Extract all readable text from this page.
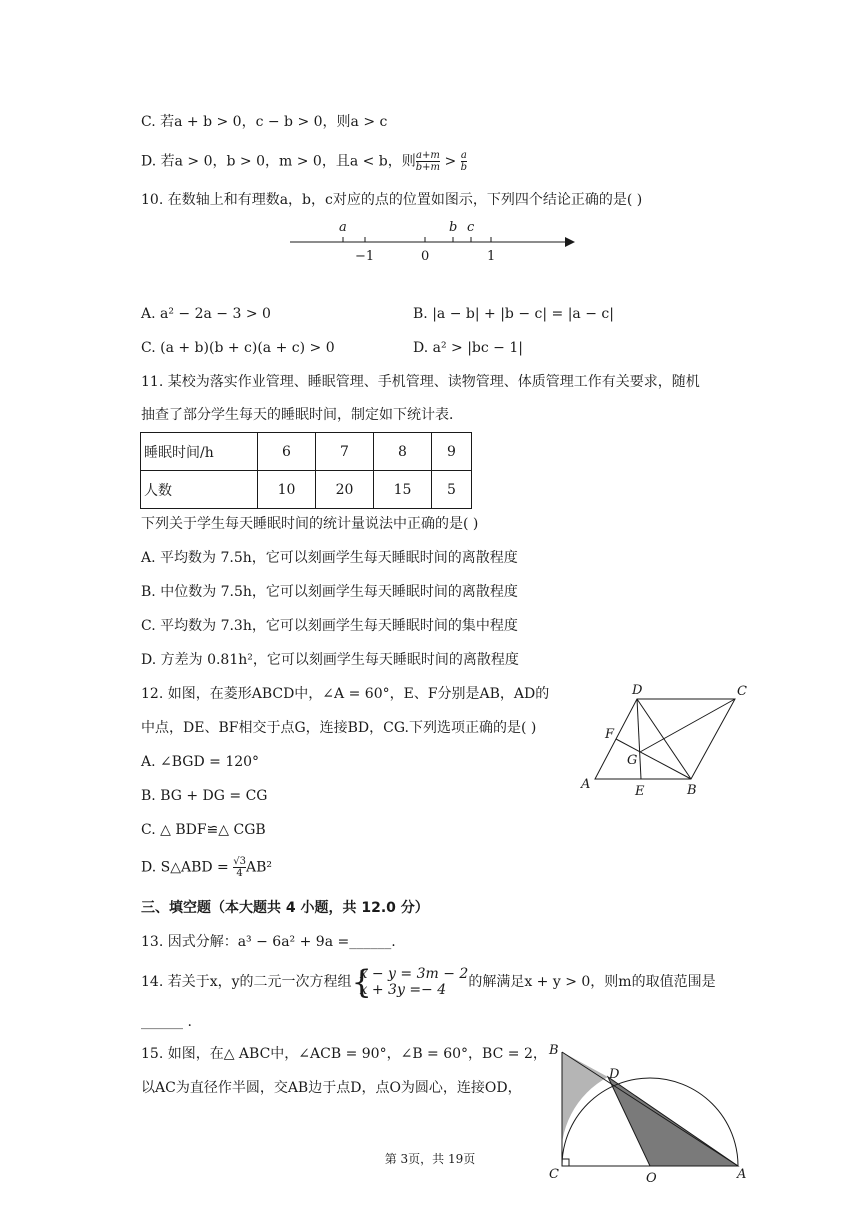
C. 若a + b > 0，c − b > 0，则a > c
D. 若a > 0，b > 0，m > 0，且a < b，则 $\frac{a+m}{b+m} > \frac{a}{b}$
10. 在数轴上和有理数a，b，c对应的点的位置如图示，下列四个结论正确的是( )
a	b c
−1	0	1
A. a² − 2a − 3 > 0	B. |a − b| + |b − c| = |a − c|
C. (a + b)(b + c)(a + c) > 0	D. a² > |bc − 1|
11. 某校为落实作业管理、睡眠管理、手机管理、读物管理、体质管理工作有关要求，随机
抽查了部分学生每天的睡眠时间，制定如下统计表．
睡眠时间/h	6	7	8	9
人数	10	20	15	5
下列关于学生每天睡眠时间的统计量说法中正确的是( )
A. 平均数为 7.5h，它可以刻画学生每天睡眠时间的离散程度
B. 中位数为 7.5h，它可以刻画学生每天睡眠时间的离散程度
C. 平均数为 7.3h，它可以刻画学生每天睡眠时间的集中程度
D. 方差为 0.81h²，它可以刻画学生每天睡眠时间的离散程度
12. 如图，在菱形ABCD中，∠A = 60°，E、F分别是AB，AD的
中点，DE、BF相交于点G，连接BD，CG.下列选项正确的是( )
A. ∠BGD = 120°
B. BG + DG = CG
C. △ BDF≌△ CGB
D. S△ABD = $\frac{√3}{4} AB^2$
D	C
F
G
A	E	B
三、填空题（本大题共 4 小题，共 12.0 分）
13. 因式分解：a³ − 6a² + 9a =______.
14. 若关于x，y的二元一次方程组 {
x − y = 3m − 2
x + 3y =− 4	的解满足x + y > 0，则m的取值范围是
______ .
15. 如图，在△ ABC中，∠ACB = 90°，∠B = 60°，BC = 2，
以AC为直径作半圆，交AB边于点D，点O为圆心，连接OD，
B
D
C	O	A
第 3页，共 19页
